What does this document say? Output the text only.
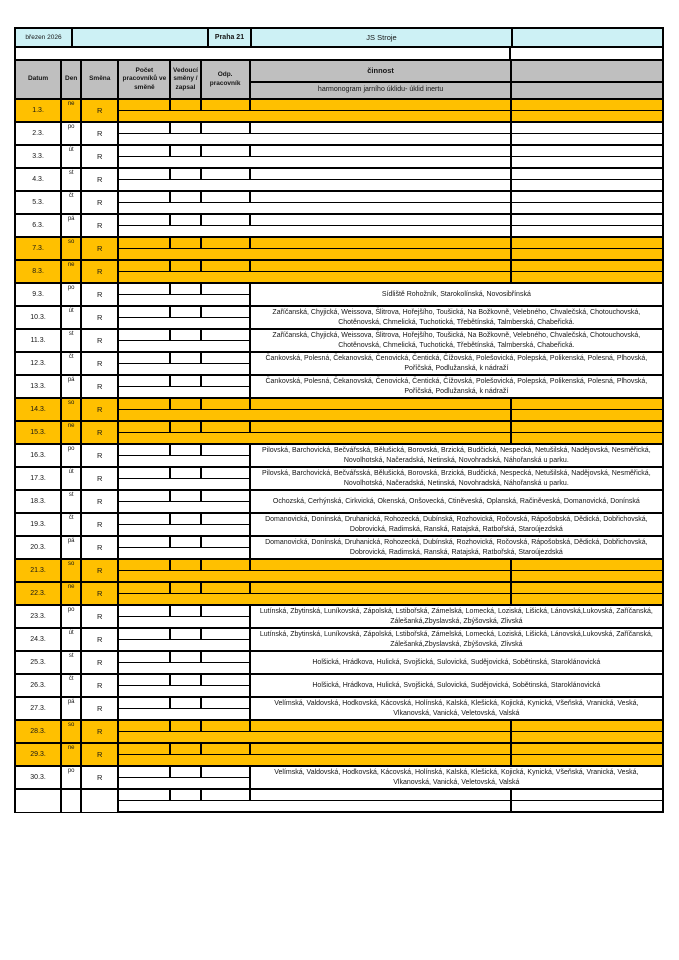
březen 2026	Praha 21	JS Stroje
Datum	Den	Směna	Počet pracovníků ve směně	Vedoucí směny / zapsal	Odp. pracovník	činnost	
						harmonogram jarního úklidu- úklid inertu	
1.3.	ne	R					

2.3.	po	R					

3.3.	út	R					

4.3.	st	R					

5.3.	čt	R					

6.3.	pá	R					

7.3.	so	R					

8.3.	ne	R					

9.3.	po	R				Sídliště Rohožník, Starokolínská, Novosibřínská	

10.3.	út	R				Zaříčanská, Chyjická, Weissova, Šlitrova, Hořejšího, Toušická, Na Božkovně, Velebného, Chvalečská, Chotouchovská, Chotěnovská, Chmelická, Tuchotická, Třebětínská, Talmberská, Chabeřická.	

11.3.	st	R				Zaříčanská, Chyjická, Weissova, Šlitrova, Hořejšího, Toušická, Na Božkovně, Velebného, Chvalečská, Chotouchovská, Chotěnovská, Chmelická, Tuchotická, Třebětínská, Talmberská, Chabeřická.	

12.3.	čt	R				Čankovská, Polesná, Čekanovská, Čenovická, Čentická, Čížovská, Polešovická, Polepská, Polikenská, Polesná, Plhovská, Poříčská, Podlužanská, k nádraží	

13.3.	pá	R				Čankovská, Polesná, Čekanovská, Čenovická, Čentická, Čížovská, Polešovická, Polepská, Polikenská, Polesná, Plhovská, Poříčská, Podlužanská, k nádraží	

14.3.	so	R					

15.3.	ne	R					

16.3.	po	R				Pilovská, Barchovická, Bečvářsská, Bělušická, Borovská, Brzická, Budčická, Nespecká, Netušilská, Nadějovská, Nesměřická, Novolhotská, Načeradská, Netinská, Novohradská, Náhořanská u parku.	

17.3.	út	R				Pilovská, Barchovická, Bečvářsská, Bělušická, Borovská, Brzická, Budčická, Nespecká, Netušilská, Nadějovská, Nesměřická, Novolhotská, Načeradská, Netinská, Novohradská, Náhořanská u parku.	

18.3.	st	R				Ochozská, Cerhýnská, Cirkvická, Okenská, Onšovecká, Ctiněveská, Oplanská, Račiněveská, Domanovická, Donínská	

19.3.	čt	R				Domanovická, Donínská, Druhanická, Rohozecká, Dubínská, Rozhovická, Ročovská, Rápošobská, Dědická, Dobřichovská, Dobrovická, Radimská, Ranská, Ratajská, Ratbořská, Staroújezdská	

20.3.	pá	R				Domanovická, Donínská, Druhanická, Rohozecká, Dubínská, Rozhovická, Ročovská, Rápošobská, Dědická, Dobřichovská, Dobrovická, Radimská, Ranská, Ratajská, Ratbořská, Staroújezdská	

21.3.	so	R					

22.3.	ne	R					

23.3.	po	R				Lutínská, Zbytinská, Luníkovská, Zápolská, Lstibořská, Zámelská, Lomecká, Loziská, Lišická, Lánovská,Lukovská, Zaříčanská, Zálešanká,Zbyslavská, Zbýšovská, Zlivská	

24.3.	út	R				Lutínská, Zbytinská, Luníkovská, Zápolská, Lstibořská, Zámelská, Lomecká, Loziská, Lišická, Lánovská,Lukovská, Zaříčanská, Zálešanká,Zbyslavská, Zbýšovská, Zlivská	

25.3.	st	R				Holšická, Hrádkova, Hulická, Svojšická, Sulovická, Sudějovická, Sobětinská, Staroklánovická	

26.3.	čt	R				Holšická, Hrádkova, Hulická, Svojšická, Sulovická, Sudějovická, Sobětinská, Staroklánovická	

27.3.	pá	R				Velímská, Valdovská, Hodkovská, Kácovská, Holínská, Kalská, Klešická, Kojická, Kynická, Všeňská, Vranická, Veská, Vlkanovská, Vanická, Veletovská, Valská	

28.3.	so	R					

29.3.	ne	R					

30.3.	po	R				Velímská, Valdovská, Hodkovská, Kácovská, Holínská, Kalská, Klešická, Kojická, Kynická, Všeňská, Vranická, Veská, Vlkanovská, Vanická, Veletovská, Valská	
